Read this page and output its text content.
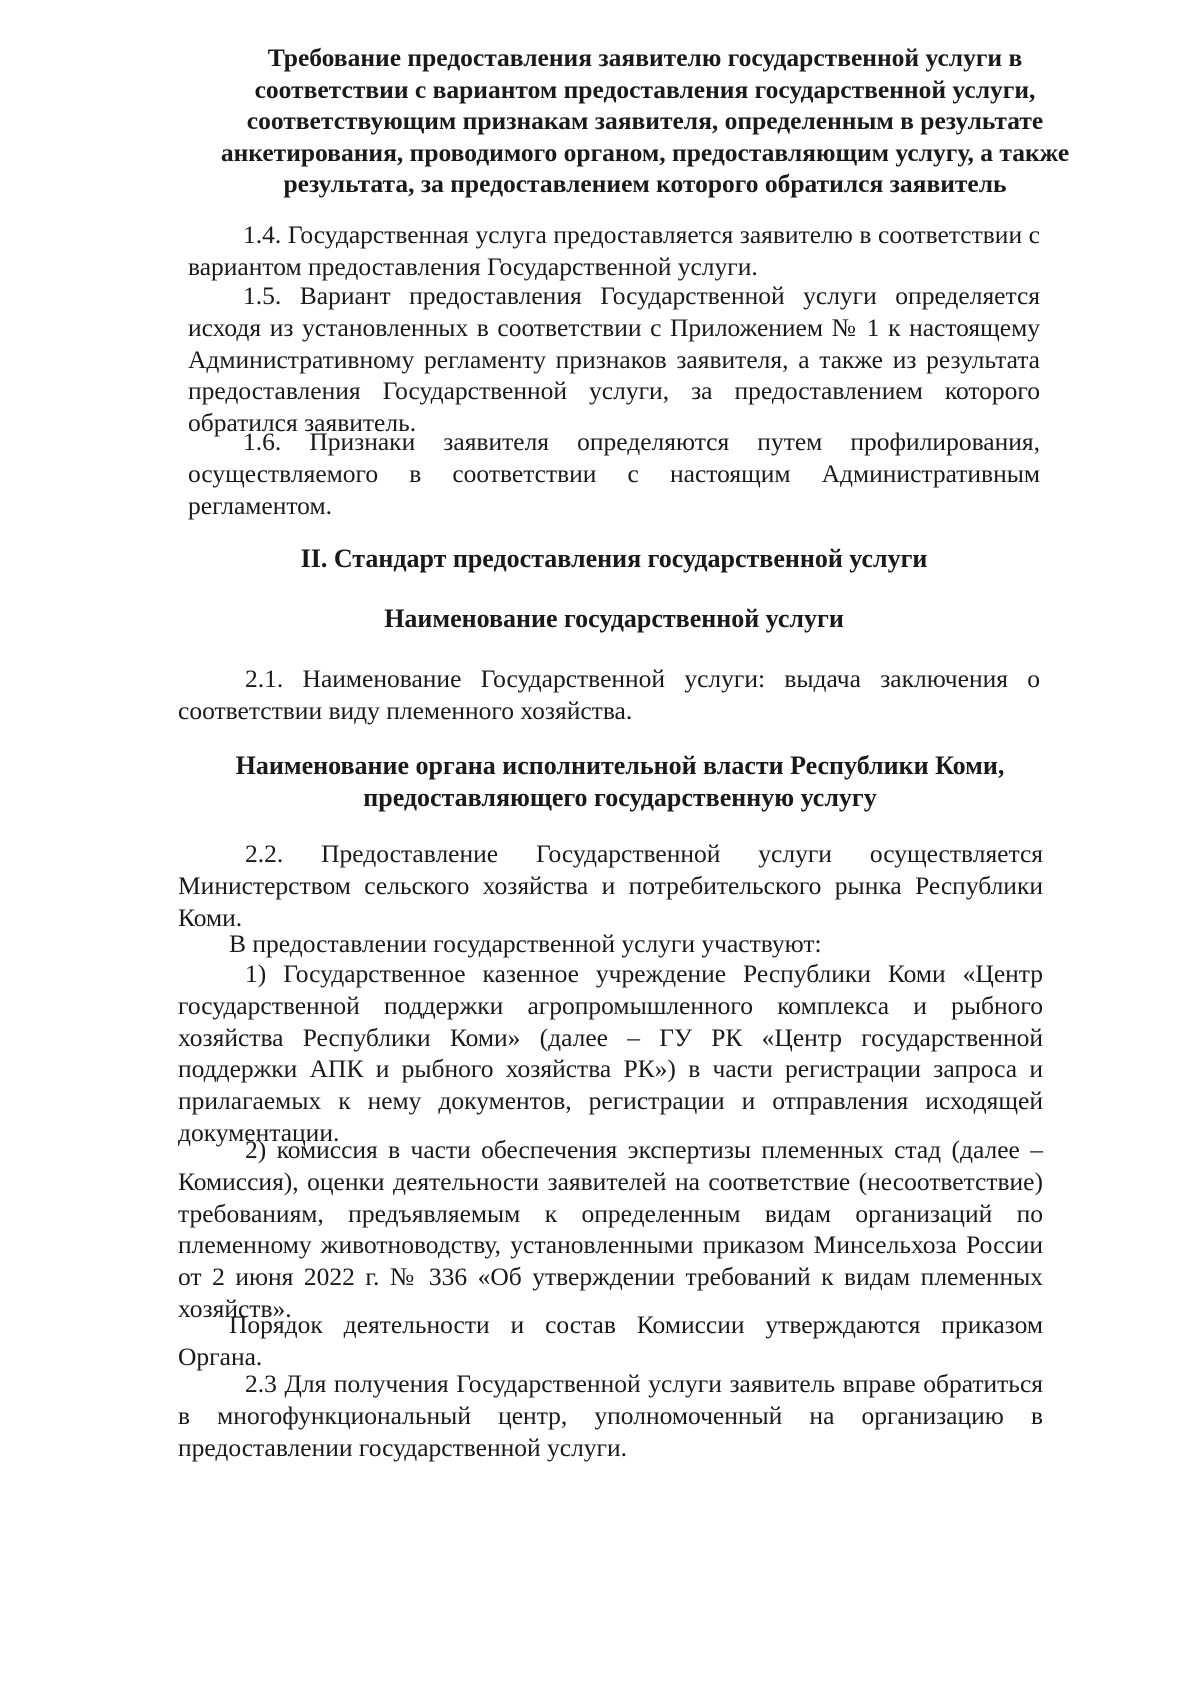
Требование предоставления заявителю государственной услуги в соответствии с вариантом предоставления государственной услуги, соответствующим признакам заявителя, определенным в результате анкетирования, проводимого органом, предоставляющим услугу, а также результата, за предоставлением которого обратился заявитель

1.4. Государственная услуга предоставляется заявителю в соответствии с вариантом предоставления Государственной услуги.

1.5. Вариант предоставления Государственной услуги определяется исходя из установленных в соответствии с Приложением № 1 к настоящему Административному регламенту признаков заявителя, а также из результата предоставления Государственной услуги, за предоставлением которого обратился заявитель.

1.6. Признаки заявителя определяются путем профилирования, осуществляемого в соответствии с настоящим Административным регламентом.

II. Стандарт предоставления государственной услуги
Наименование государственной услуги

2.1. Наименование Государственной услуги: выдача заключения о соответствии виду племенного хозяйства.

Наименование органа исполнительной власти Республики Коми, предоставляющего государственную услугу

2.2. Предоставление Государственной услуги осуществляется Министерством сельского хозяйства и потребительского рынка Республики Коми.

В предоставлении государственной услуги участвуют:

1) Государственное казенное учреждение Республики Коми «Центр государственной поддержки агропромышленного комплекса и рыбного хозяйства Республики Коми» (далее – ГУ РК «Центр государственной поддержки АПК и рыбного хозяйства РК») в части регистрации запроса и прилагаемых к нему документов, регистрации и отправления исходящей документации.

2) комиссия в части обеспечения экспертизы племенных стад (далее – Комиссия), оценки деятельности заявителей на соответствие (несоответствие) требованиям, предъявляемым к определенным видам организаций по племенному животноводству, установленными приказом Минсельхоза России от 2 июня 2022 г. № 336 «Об утверждении требований к видам племенных хозяйств».

Порядок деятельности и состав Комиссии утверждаются приказом Органа.

2.3 Для получения Государственной услуги заявитель вправе обратиться в многофункциональный центр, уполномоченный на организацию в предоставлении государственной услуги.
